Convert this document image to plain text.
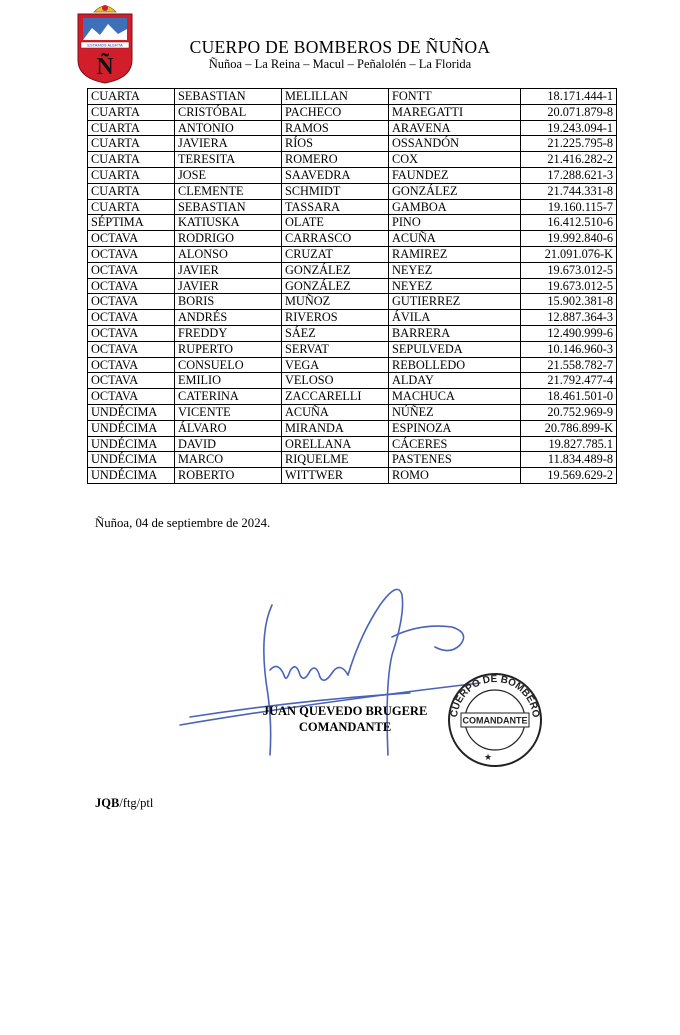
ESTAMOS ALERTA
Ñ
CUERPO DE BOMBEROS DE ÑUÑOA
Ñuñoa – La Reina – Macul – Peñalolén – La Florida
CUARTA	SEBASTIAN	MELILLAN	FONTT	18.171.444-1
CUARTA	CRISTÓBAL	PACHECO	MAREGATTI	20.071.879-8
CUARTA	ANTONIO	RAMOS	ARAVENA	19.243.094-1
CUARTA	JAVIERA	RÍOS	OSSANDÓN	21.225.795-8
CUARTA	TERESITA	ROMERO	COX	21.416.282-2
CUARTA	JOSE	SAAVEDRA	FAUNDEZ	17.288.621-3
CUARTA	CLEMENTE	SCHMIDT	GONZÁLEZ	21.744.331-8
CUARTA	SEBASTIAN	TASSARA	GAMBOA	19.160.115-7
SÉPTIMA	KATIUSKA	OLATE	PINO	16.412.510-6
OCTAVA	RODRIGO	CARRASCO	ACUÑA	19.992.840-6
OCTAVA	ALONSO	CRUZAT	RAMIREZ	21.091.076-K
OCTAVA	JAVIER	GONZÁLEZ	NEYEZ	19.673.012-5
OCTAVA	JAVIER	GONZÁLEZ	NEYEZ	19.673.012-5
OCTAVA	BORIS	MUÑOZ	GUTIERREZ	15.902.381-8
OCTAVA	ANDRÉS	RIVEROS	ÁVILA	12.887.364-3
OCTAVA	FREDDY	SÁEZ	BARRERA	12.490.999-6
OCTAVA	RUPERTO	SERVAT	SEPULVEDA	10.146.960-3
OCTAVA	CONSUELO	VEGA	REBOLLEDO	21.558.782-7
OCTAVA	EMILIO	VELOSO	ALDAY	21.792.477-4
OCTAVA	CATERINA	ZACCARELLI	MACHUCA	18.461.501-0
UNDÉCIMA	VICENTE	ACUÑA	NÚÑEZ	20.752.969-9
UNDÉCIMA	ÁLVARO	MIRANDA	ESPINOZA	20.786.899-K
UNDÉCIMA	DAVID	ORELLANA	CÁCERES	19.827.785.1
UNDÉCIMA	MARCO	RIQUELME	PASTENES	11.834.489-8
UNDÉCIMA	ROBERTO	WITTWER	ROMO	19.569.629-2
Ñuñoa, 04 de septiembre de 2024.
JUAN QUEVEDO BRUGERE
COMANDANTE
CUERPO DE BOMBERO
COMANDANTE
★
JQB/ftg/ptl
